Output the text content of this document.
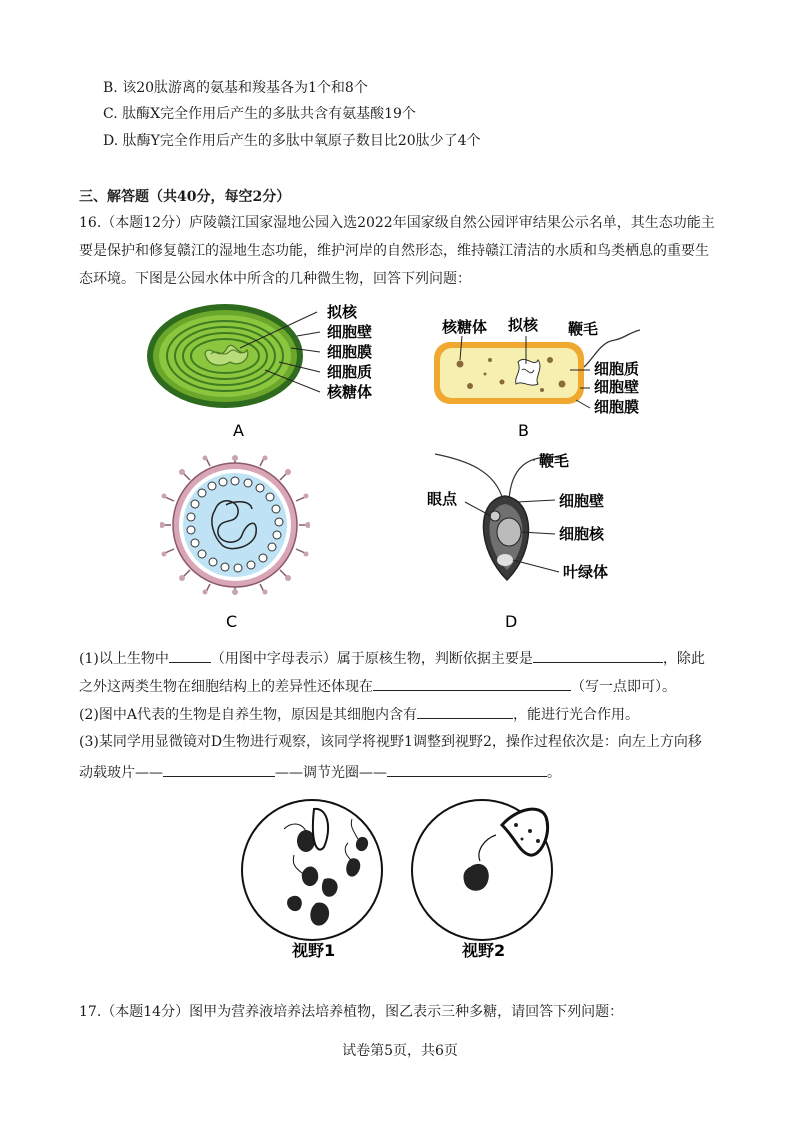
B. 该20肽游离的氨基和羧基各为1个和8个
C. 肽酶X完全作用后产生的多肽共含有氨基酸19个
D. 肽酶Y完全作用后产生的多肽中氧原子数目比20肽少了4个
三、解答题（共40分，每空2分）
16.（本题12分）庐陵赣江国家湿地公园入选2022年国家级自然公园评审结果公示名单，其生态功能主
要是保护和修复赣江的湿地生态功能，维护河岸的自然形态，维持赣江清洁的水质和鸟类栖息的重要生
态环境。下图是公园水体中所含的几种微生物，回答下列问题：
拟核
细胞壁
细胞膜
细胞质
核糖体
A
核糖体 拟核 鞭毛
细胞质
细胞壁
细胞膜
B
C
鞭毛
眼点	细胞壁
细胞核
叶绿体
D
(1)以上生物中	（用图中字母表示）属于原核生物，判断依据主要是	，除此
之外这两类生物在细胞结构上的差异性还体现在	（写一点即可）。
(2)图中A代表的生物是自养生物，原因是其细胞内含有	，能进行光合作用。
(3)某同学用显微镜对D生物进行观察，该同学将视野1调整到视野2，操作过程依次是：向左上方向移
动载玻片——	——调节光圈——	。
视野1	视野2
17.（本题14分）图甲为营养液培养法培养植物，图乙表示三种多糖，请回答下列问题：
试卷第5页，共6页
